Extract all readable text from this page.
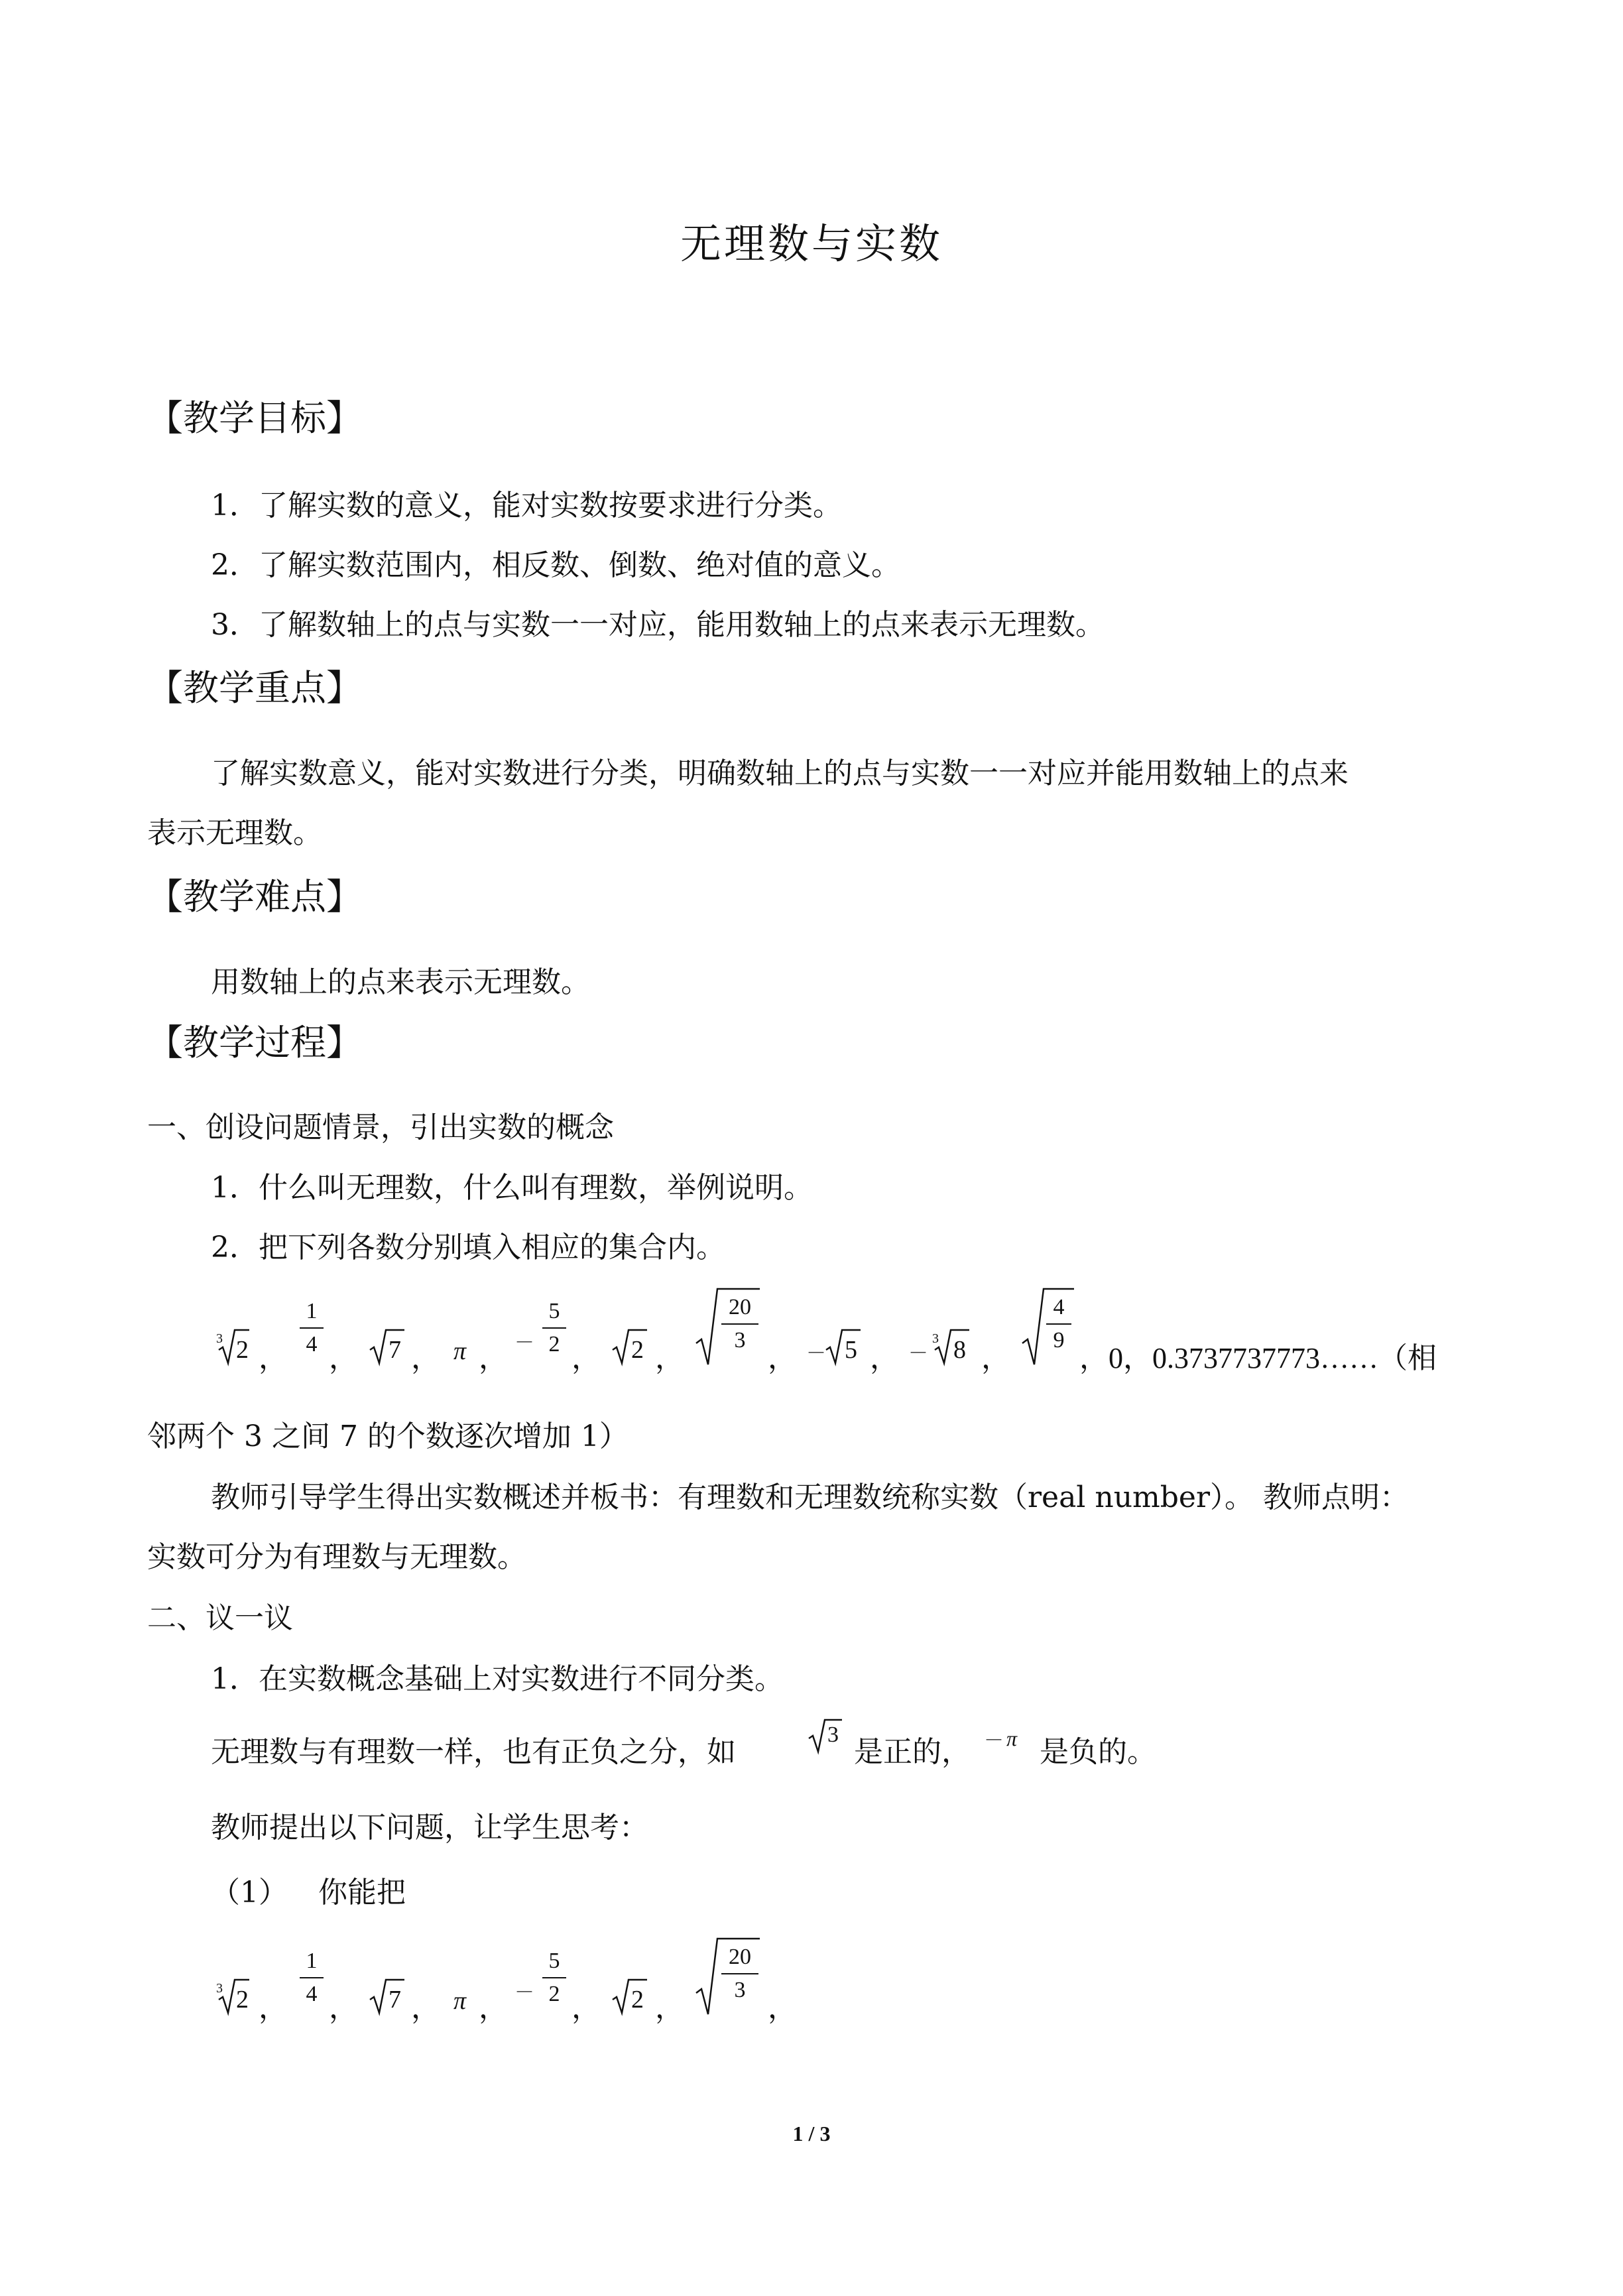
无理数与实数
【教学目标】
1．了解实数的意义，能对实数按要求进行分类。
2．了解实数范围内，相反数、倒数、绝对值的意义。
3．了解数轴上的点与实数一一对应，能用数轴上的点来表示无理数。
【教学重点】
了解实数意义，能对实数进行分类，明确数轴上的点与实数一一对应并能用数轴上的点来
表示无理数。
【教学难点】
用数轴上的点来表示无理数。
【教学过程】
一、创设问题情景，引出实数的概念
1．什么叫无理数，什么叫有理数，举例说明。
2．把下列各数分别填入相应的集合内。
3 2 ，
1
4 ， 7 ， π ， －
5
2 ， 2 ，
20
3
， － 5 ， －
3 8 ，
4
9
，0，0.3737737773……（相
邻两个 3 之间 7 的个数逐次增加 1）
教师引导学生得出实数概述并板书：有理数和无理数统称实数（real number）。 教师点明：
实数可分为有理数与无理数。
二、议一议
1．在实数概念基础上对实数进行不同分类。
无理数与有理数一样，也有正负之分，如
3
是正的， － π 是负的。
教师提出以下问题，让学生思考：
（1） 你能把
3 2 ，
1
4 ， 7 ， π ， －
5
2 ， 2 ，
20
3
，
1 / 3
